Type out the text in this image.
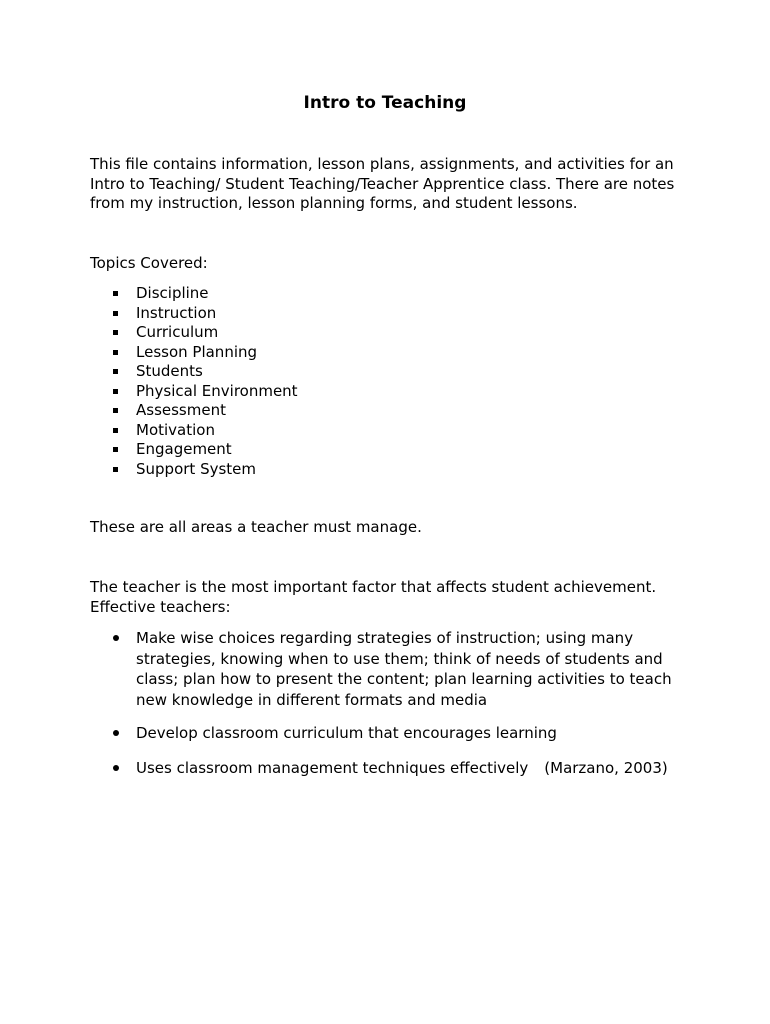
Intro to Teaching

This file contains information, lesson plans, assignments, and activities for an Intro to Teaching/ Student Teaching/Teacher Apprentice class. There are notes from my instruction, lesson planning forms, and student lessons.

Topics Covered:

Discipline
Instruction
Curriculum
Lesson Planning
Students
Physical Environment
Assessment
Motivation
Engagement
Support System

These are all areas a teacher must manage.

The teacher is the most important factor that affects student achievement.
Effective teachers:

Make wise choices regarding strategies of instruction; using many strategies, knowing when to use them; think of needs of students and class; plan how to present the content; plan learning activities to teach new knowledge in different formats and media
Develop classroom curriculum that encourages learning
Uses classroom management techniques effectively (Marzano, 2003)
